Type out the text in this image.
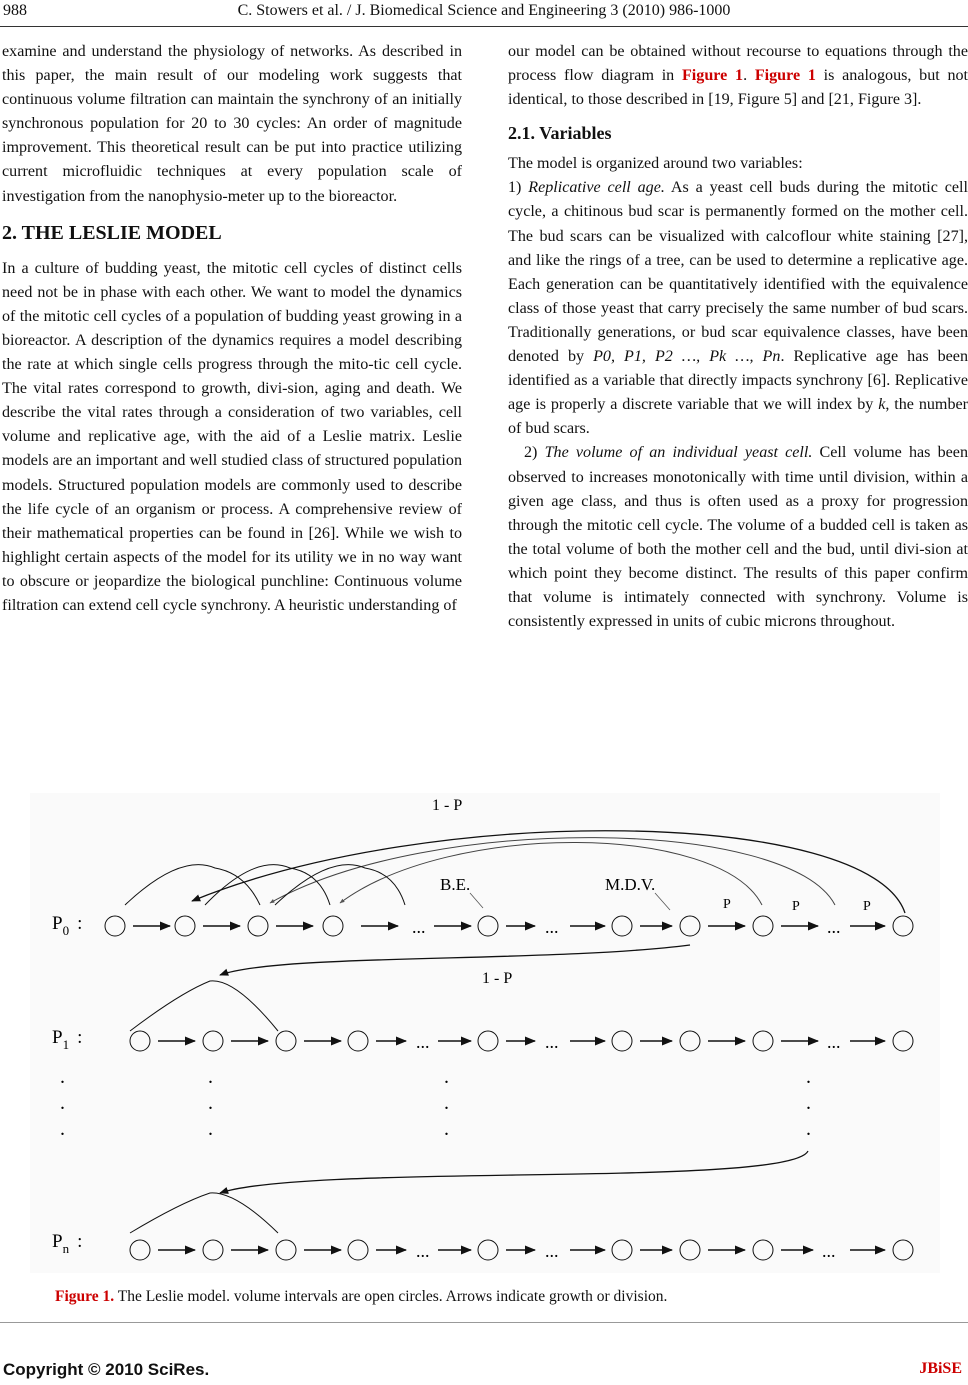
988	C. Stowers et al. / J. Biomedical Science and Engineering 3 (2010) 986-1000

examine and understand the physiology of networks. As described in this paper, the main result of our modeling work suggests that continuous volume filtration can maintain the synchrony of an initially synchronous population for 20 to 30 cycles: An order of magnitude improvement. This theoretical result can be put into practice utilizing current microfluidic techniques at every population scale of investigation from the nanophysio-meter up to the bioreactor.

2. THE LESLIE MODEL

In a culture of budding yeast, the mitotic cell cycles of distinct cells need not be in phase with each other. We want to model the dynamics of the mitotic cell cycles of a population of budding yeast growing in a bioreactor. A description of the dynamics requires a model describing the rate at which single cells progress through the mito-tic cell cycle. The vital rates correspond to growth, divi-sion, aging and death. We describe the vital rates through a consideration of two variables, cell volume and replicative age, with the aid of a Leslie matrix. Leslie models are an important and well studied class of structured population models. Structured population models are commonly used to describe the life cycle of an organism or process. A comprehensive review of their mathematical properties can be found in [26]. While we wish to highlight certain aspects of the model for its utility we in no way want to obscure or jeopardize the biological punchline: Continuous volume filtration can extend cell cycle synchrony. A heuristic understanding of

our model can be obtained without recourse to equations through the process flow diagram in Figure 1. Figure 1 is analogous, but not identical, to those described in [19, Figure 5] and [21, Figure 3].

2.1. Variables

The model is organized around two variables:

1) Replicative cell age. As a yeast cell buds during the mitotic cell cycle, a chitinous bud scar is permanently formed on the mother cell. The bud scars can be visualized with calcoflour white staining [27], and like the rings of a tree, can be used to determine a replicative age. Each generation can be quantitatively identified with the equivalence class of those yeast that carry precisely the same number of bud scars. Traditionally generations, or bud scar equivalence classes, have been denoted by P0, P1, P2 …, Pk …, Pn. Replicative age has been identified as a variable that directly impacts synchrony [6]. Replicative age is properly a discrete variable that we will index by k, the number of bud scars.

2) The volume of an individual yeast cell. Cell volume has been observed to increases monotonically with time until division, within a given age class, and thus is often used as a proxy for progression through the mitotic cell cycle. The volume of a budded cell is taken as the total volume of both the mother cell and the bud, until divi-sion at which point they become distinct. The results of this paper confirm that volume is intimately connected with synchrony. Volume is consistently expressed in units of cubic microns throughout.

1 - P
B.E.	M.D.V.
P	P	P
$P_0$ :	...	...	...
1 - P
$P_1$ :	...	...	...
.
.
.
.
.
.
.
.
.
.
.
.
$P_n$ :	...	...	...
Figure 1. The Leslie model. volume intervals are open circles. Arrows indicate growth or division.
Copyright © 2010 SciRes.	JBiSE
